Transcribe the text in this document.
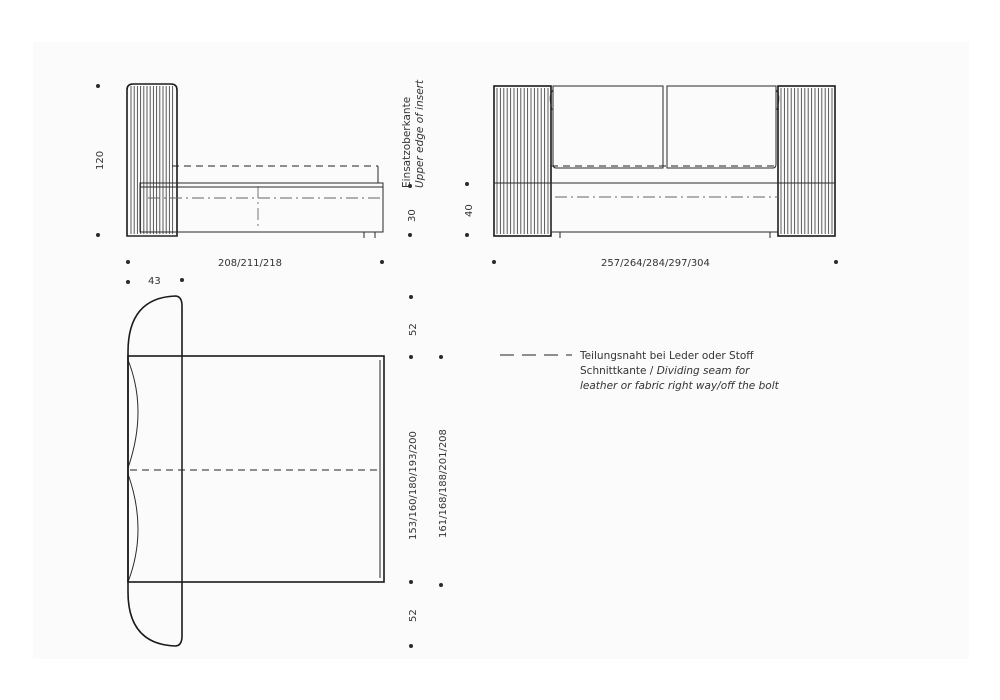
120
30
Einsatzoberkante Upper edge of insert
208/211/218
40
257/264/284/297/304
43
52
153/160/180/193/200 161/168/188/201/208
52
Teilungsnaht bei Leder oder Stoff
Schnittkante / Dividing seam for
leather or fabric right way/off the bolt
